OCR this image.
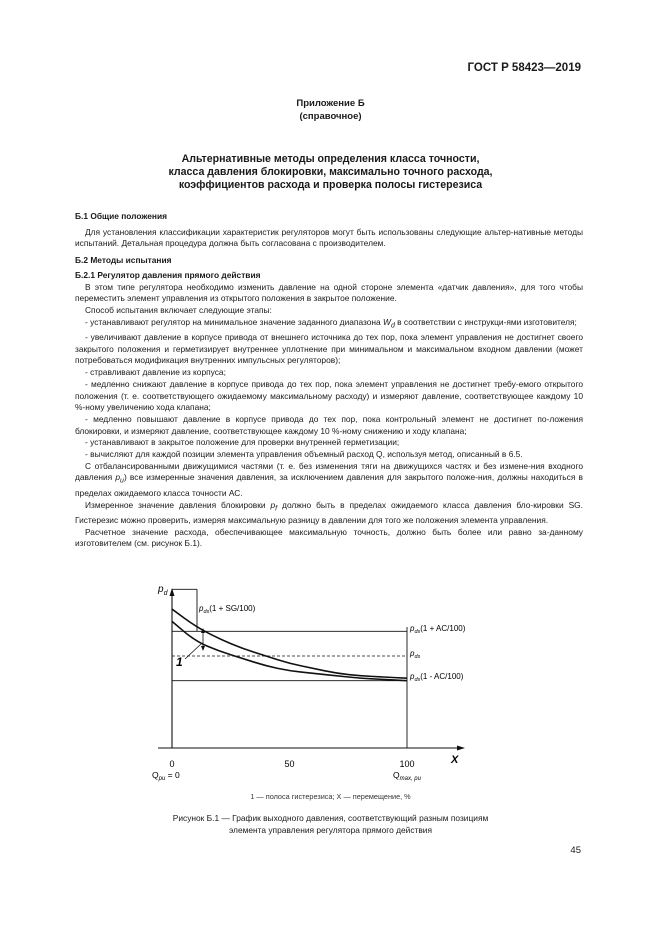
ГОСТ Р 58423—2019
Приложение Б
(справочное)
Альтернативные методы определения класса точности,
класса давления блокировки, максимально точного расхода,
коэффициентов расхода и проверка полосы гистерезиса

Б.1 Общие положения

Для установления классификации характеристик регуляторов могут быть использованы следующие альтер-нативные методы испытаний. Детальная процедура должна быть согласована с производителем.

Б.2 Методы испытания

Б.2.1 Регулятор давления прямого действия

В этом типе регулятора необходимо изменить давление на одной стороне элемента «датчик давления», для того чтобы переместить элемент управления из открытого положения в закрытое положение.

Способ испытания включает следующие этапы:

- устанавливают регулятор на минимальное значение заданного диапазона $W_d$ в соответствии с инструкци-ями изготовителя;

- увеличивают давление в корпусе привода от внешнего источника до тех пор, пока элемент управления не достигнет своего закрытого положения и герметизирует внутреннее уплотнение при минимальном и максимальном входном давлении (может потребоваться модификация внутренних импульсных регуляторов);

- стравливают давление из корпуса;

- медленно снижают давление в корпусе привода до тех пор, пока элемент управления не достигнет требу-емого открытого положения (т. е. соответствующего ожидаемому максимальному расходу) и измеряют давление, соответствующее каждому 10 %-ному увеличению хода клапана;

- медленно повышают давление в корпусе привода до тех пор, пока контрольный элемент не достигнет по-ложения блокировки, и измеряют давление, соответствующее каждому 10 %-ному снижению и ходу клапана;

- устанавливают в закрытое положение для проверки внутренней герметизации;

- вычисляют для каждой позиции элемента управления объемный расход Q, используя метод, описанный в 6.5.

С отбалансированными движущимися частями (т. е. без изменения тяги на движущихся частях и без измене-ния входного давления $p_u$) все измеренные значения давления, за исключением давления для закрытого положе-ния, должны находиться в пределах ожидаемого класса точности АС.

Измеренное значение давления блокировки $p_f$ должно быть в пределах ожидаемого класса давления бло-кировки SG. Гистерезис можно проверить, измеряя максимальную разницу в давлении для того же положения элемента управления.

Расчетное значение расхода, обеспечивающее максимальную точность, должно быть более или равно за-данному изготовителем (см. рисунок Б.1).

1
$p_d$
$p_{ds}(1 + SG/100)$
$p_{ds}(1 + AC/100)$
$p_{ds}$
$p_{ds}(1 - AC/100)$
0	50	100	X
$Q_{pu} = 0$	$Q_{max, pu}$
1 — полоса гистерезиса; X — перемещение, %
Рисунок Б.1 — График выходного давления, соответствующий разным позициям
элемента управления регулятора прямого действия
45
